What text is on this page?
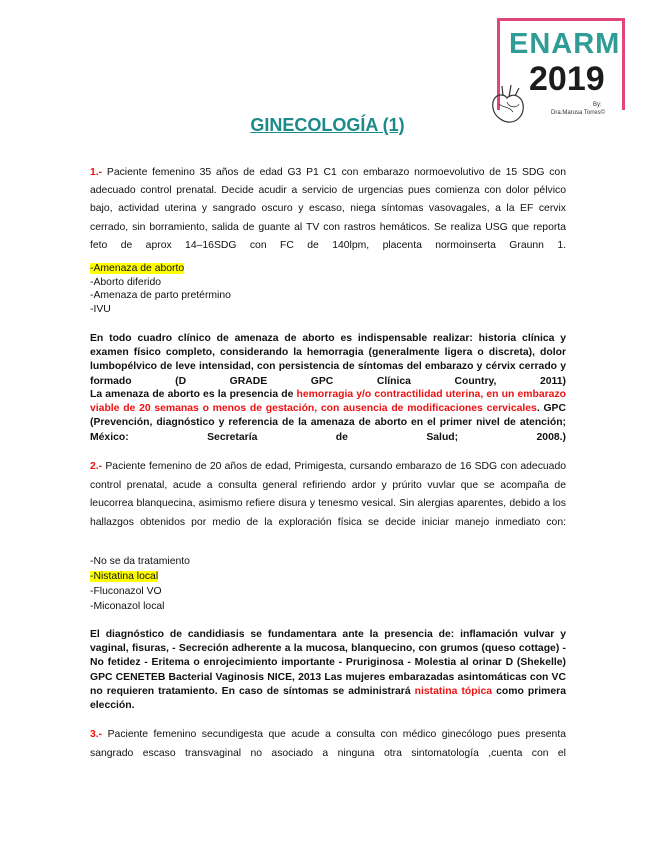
ENARM
2019
By:
Dra.Marusa Torres©
GINECOLOGÍA (1)

1.- Paciente femenino 35 años de edad G3 P1 C1 con embarazo normoevolutivo de 15 SDG con adecuado control prenatal. Decide acudir a servicio de urgencias pues comienza con dolor pélvico bajo, actividad uterina y sangrado oscuro y escaso, niega síntomas vasovagales, a la EF cervix cerrado, sin borramiento, salida de guante al TV con rastros hemáticos. Se realiza USG que reporta feto de aprox 14–16SDG con FC de 140lpm, placenta normoinserta Graunn 1.

-Amenaza de aborto
-Aborto diferido
-Amenaza de parto pretérmino
-IVU

En todo cuadro clínico de amenaza de aborto es indispensable realizar: historia clínica y examen físico completo, considerando la hemorragia (generalmente ligera o discreta), dolor lumbopélvico de leve intensidad, con persistencia de síntomas del embarazo y cérvix cerrado y formado (D GRADE GPC Clínica Country, 2011)

La amenaza de aborto es la presencia de hemorragia y/o contractilidad uterina, en un embarazo viable de 20 semanas o menos de gestación, con ausencia de modificaciones cervicales. GPC (Prevención, diagnóstico y referencia de la amenaza de aborto en el primer nivel de atención; México: Secretaría de Salud; 2008.)

2.- Paciente femenino de 20 años de edad, Primigesta, cursando embarazo de 16 SDG con adecuado control prenatal, acude a consulta general refiriendo ardor y prúrito vuvlar que se acompaña de leucorrea blanquecina, asimismo refiere disura y tenesmo vesical. Sin alergias aparentes, debido a los hallazgos obtenidos por medio de la exploración física se decide iniciar manejo inmediato con:

-No se da tratamiento
-Nistatina local
-Fluconazol VO
-Miconazol local

El diagnóstico de candidiasis se fundamentara ante la presencia de: inflamación vulvar y vaginal, fisuras, - Secreción adherente a la mucosa, blanquecino, con grumos (queso cottage) - No fetidez - Eritema o enrojecimiento importante - Pruriginosa - Molestia al orinar D (Shekelle) GPC CENETEB Bacterial Vaginosis NICE, 2013 Las mujeres embarazadas asintomáticas con VC no requieren tratamiento. En caso de síntomas se administrará nistatina tópica como primera elección.

3.- Paciente femenino secundigesta que acude a consulta con médico ginecólogo pues presenta sangrado escaso transvaginal no asociado a ninguna otra sintomatología ,cuenta con el
